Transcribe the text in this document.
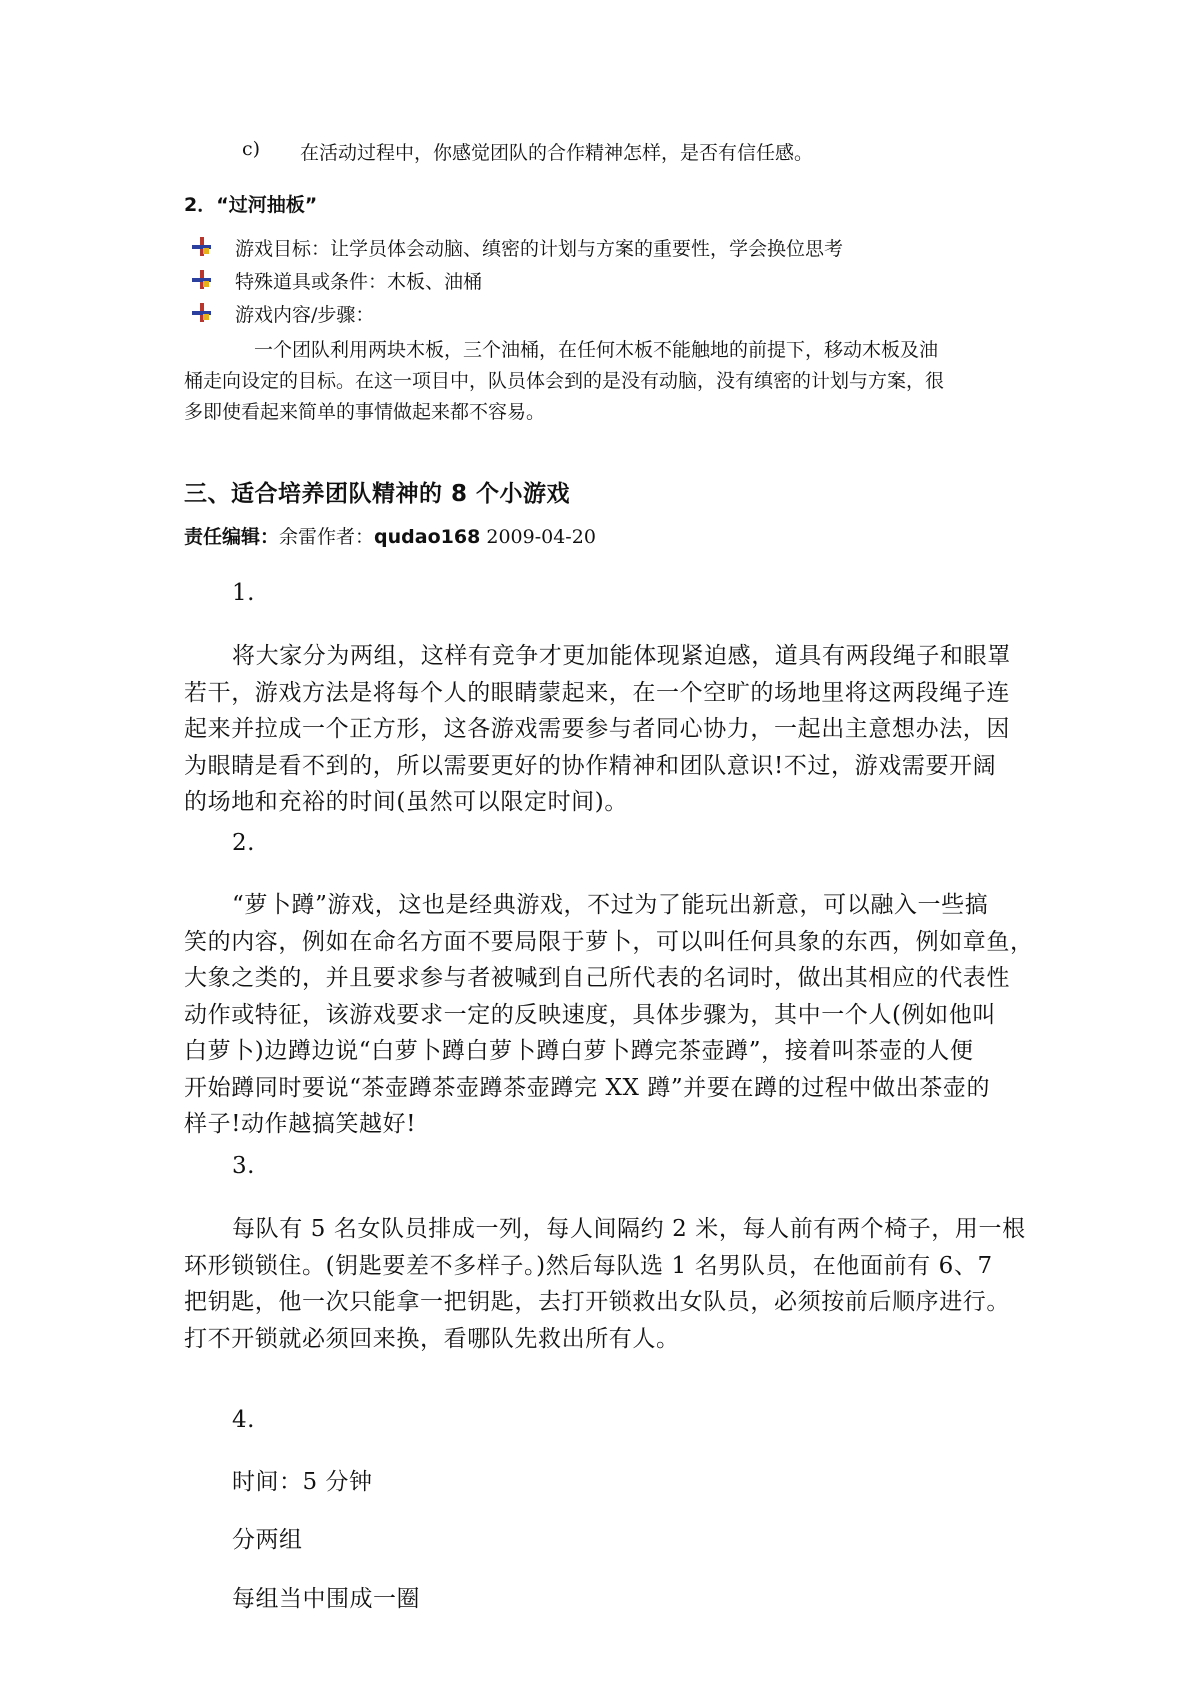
c) 在活动过程中，你感觉团队的合作精神怎样，是否有信任感。
2．“过河抽板”
游戏目标：让学员体会动脑、缜密的计划与方案的重要性，学会换位思考
特殊道具或条件：木板、油桶
游戏内容/步骤：
一个团队利用两块木板，三个油桶，在任何木板不能触地的前提下，移动木板及油
桶走向设定的目标。在这一项目中，队员体会到的是没有动脑，没有缜密的计划与方案，很
多即使看起来简单的事情做起来都不容易。
三、适合培养团队精神的 8 个小游戏
责任编辑：余雷作者：qudao168 2009-04-20
1.
将大家分为两组，这样有竞争才更加能体现紧迫感，道具有两段绳子和眼罩
若干，游戏方法是将每个人的眼睛蒙起来，在一个空旷的场地里将这两段绳子连
起来并拉成一个正方形，这各游戏需要参与者同心协力，一起出主意想办法，因
为眼睛是看不到的，所以需要更好的协作精神和团队意识!不过，游戏需要开阔
的场地和充裕的时间(虽然可以限定时间)。
2.
“萝卜蹲”游戏，这也是经典游戏，不过为了能玩出新意，可以融入一些搞
笑的内容，例如在命名方面不要局限于萝卜，可以叫任何具象的东西，例如章鱼，
大象之类的，并且要求参与者被喊到自己所代表的名词时，做出其相应的代表性
动作或特征，该游戏要求一定的反映速度，具体步骤为，其中一个人(例如他叫
白萝卜)边蹲边说“白萝卜蹲白萝卜蹲白萝卜蹲完茶壶蹲”，接着叫茶壶的人便
开始蹲同时要说“茶壶蹲茶壶蹲茶壶蹲完 XX 蹲”并要在蹲的过程中做出茶壶的
样子!动作越搞笑越好!
3.
每队有 5 名女队员排成一列，每人间隔约 2 米，每人前有两个椅子，用一根
环形锁锁住。(钥匙要差不多样子。)然后每队选 1 名男队员，在他面前有 6、7
把钥匙，他一次只能拿一把钥匙，去打开锁救出女队员，必须按前后顺序进行。
打不开锁就必须回来换，看哪队先救出所有人。
4.
时间：5 分钟
分两组
每组当中围成一圈
